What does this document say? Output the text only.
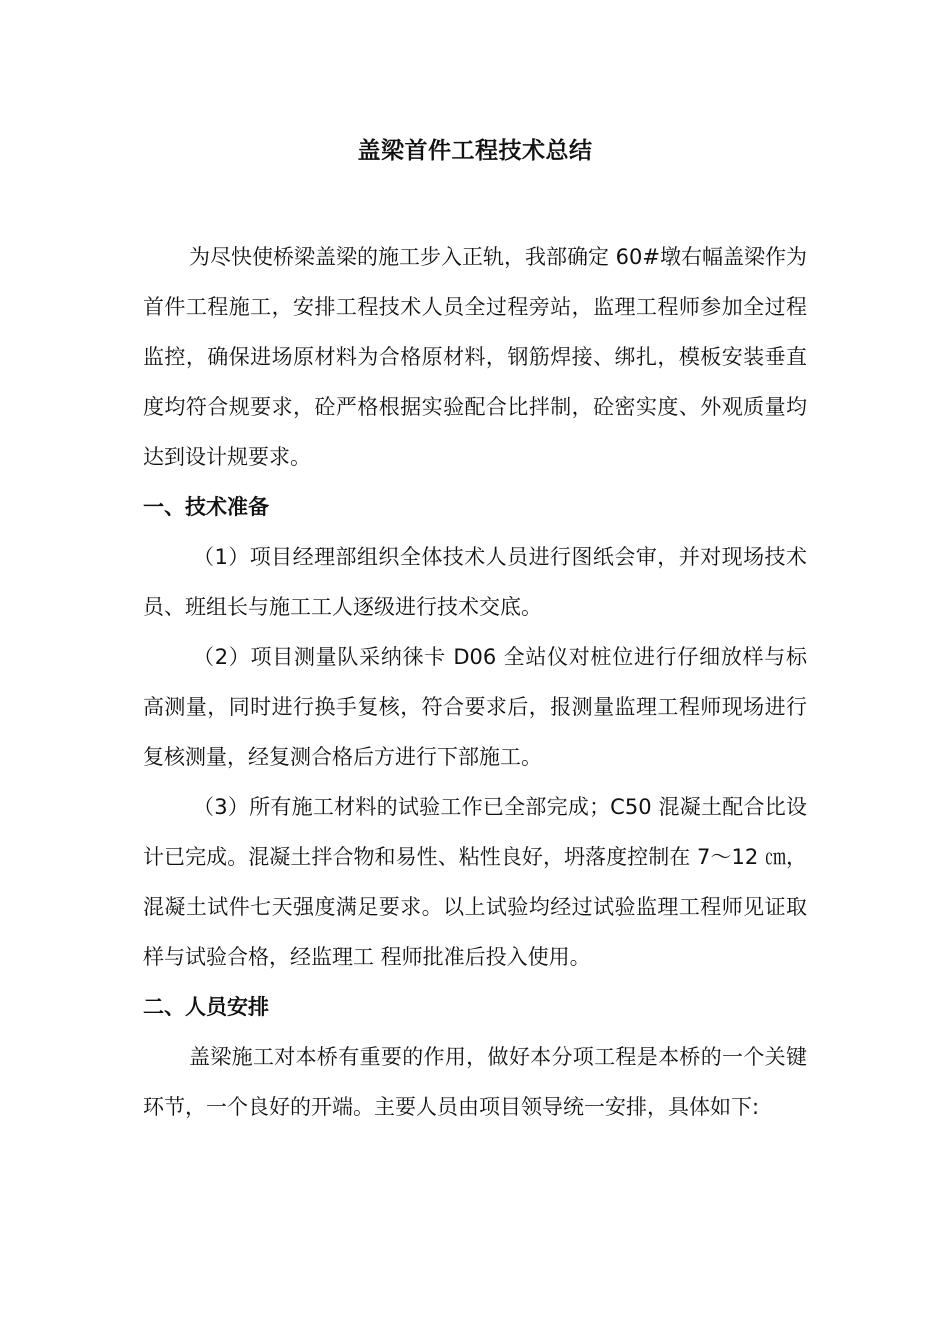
盖梁首件工程技术总结

为尽快使桥梁盖梁的施工步入正轨，我部确定 60#墩右幅盖梁作为首件工程施工，安排工程技术人员全过程旁站，监理工程师参加全过程监控，确保进场原材料为合格原材料，钢筋焊接、绑扎，模板安装垂直度均符合规要求，砼严格根据实验配合比拌制，砼密实度、外观质量均达到设计规要求。

一、技术准备

（1）项目经理部组织全体技术人员进行图纸会审，并对现场技术员、班组长与施工工人逐级进行技术交底。

（2）项目测量队采纳徕卡 D06 全站仪对桩位进行仔细放样与标高测量，同时进行换手复核，符合要求后，报测量监理工程师现场进行复核测量，经复测合格后方进行下部施工。

（3）所有施工材料的试验工作已全部完成；C50 混凝土配合比设计已完成。混凝土拌合物和易性、粘性良好，坍落度控制在 7～12 ㎝，混凝土试件七天强度满足要求。以上试验均经过试验监理工程师见证取样与试验合格，经监理工 程师批准后投入使用。

二、人员安排

盖梁施工对本桥有重要的作用，做好本分项工程是本桥的一个关键环节，一个良好的开端。主要人员由项目领导统一安排，具体如下:
